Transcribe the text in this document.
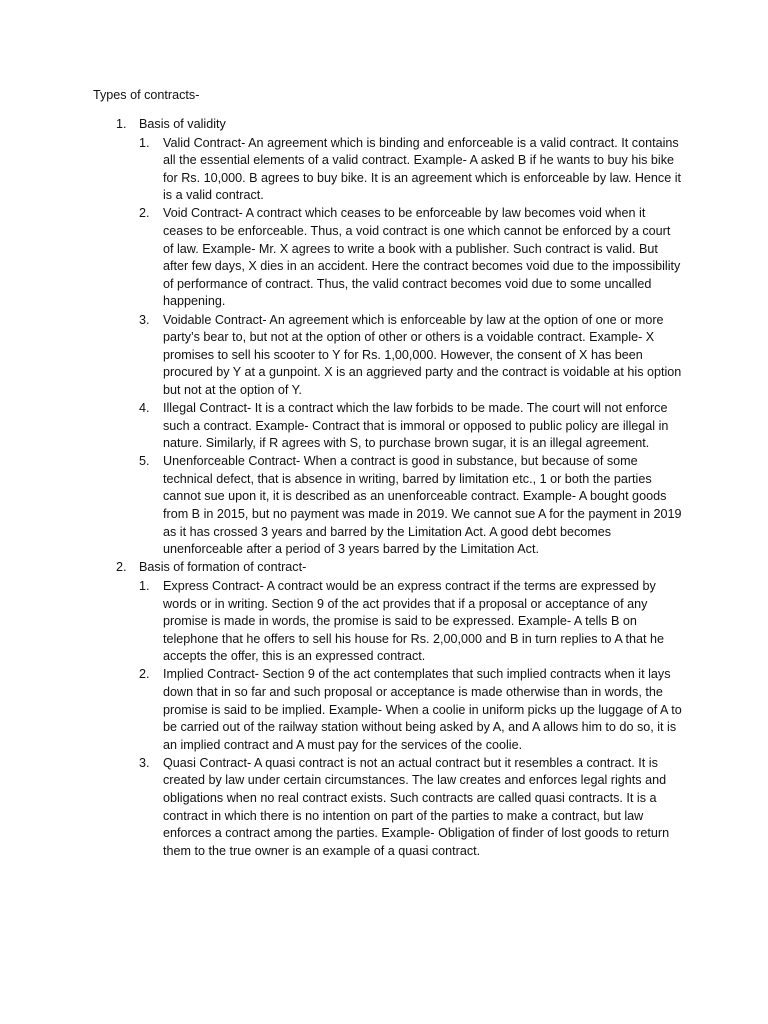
Types of contracts-
1. Basis of validity
1. Valid Contract- An agreement which is binding and enforceable is a valid contract. It contains all the essential elements of a valid contract. Example- A asked B if he wants to buy his bike for Rs. 10,000. B agrees to buy bike. It is an agreement which is enforceable by law. Hence it is a valid contract.
2. Void Contract- A contract which ceases to be enforceable by law becomes void when it ceases to be enforceable. Thus, a void contract is one which cannot be enforced by a court of law. Example- Mr. X agrees to write a book with a publisher. Such contract is valid. But after few days, X dies in an accident. Here the contract becomes void due to the impossibility of performance of contract. Thus, the valid contract becomes void due to some uncalled happening.
3. Voidable Contract- An agreement which is enforceable by law at the option of one or more party’s bear to, but not at the option of other or others is a voidable contract. Example- X promises to sell his scooter to Y for Rs. 1,00,000. However, the consent of X has been procured by Y at a gunpoint. X is an aggrieved party and the contract is voidable at his option but not at the option of Y.
4. Illegal Contract- It is a contract which the law forbids to be made. The court will not enforce such a contract. Example- Contract that is immoral or opposed to public policy are illegal in nature. Similarly, if R agrees with S, to purchase brown sugar, it is an illegal agreement.
5. Unenforceable Contract- When a contract is good in substance, but because of some technical defect, that is absence in writing, barred by limitation etc., 1 or both the parties cannot sue upon it, it is described as an unenforceable contract. Example- A bought goods from B in 2015, but no payment was made in 2019. We cannot sue A for the payment in 2019 as it has crossed 3 years and barred by the Limitation Act. A good debt becomes unenforceable after a period of 3 years barred by the Limitation Act.
2. Basis of formation of contract-
1. Express Contract- A contract would be an express contract if the terms are expressed by words or in writing. Section 9 of the act provides that if a proposal or acceptance of any promise is made in words, the promise is said to be expressed. Example- A tells B on telephone that he offers to sell his house for Rs. 2,00,000 and B in turn replies to A that he accepts the offer, this is an expressed contract.
2. Implied Contract- Section 9 of the act contemplates that such implied contracts when it lays down that in so far and such proposal or acceptance is made otherwise than in words, the promise is said to be implied. Example- When a coolie in uniform picks up the luggage of A to be carried out of the railway station without being asked by A, and A allows him to do so, it is an implied contract and A must pay for the services of the coolie.
3. Quasi Contract- A quasi contract is not an actual contract but it resembles a contract. It is created by law under certain circumstances. The law creates and enforces legal rights and obligations when no real contract exists. Such contracts are called quasi contracts. It is a contract in which there is no intention on part of the parties to make a contract, but law enforces a contract among the parties. Example- Obligation of finder of lost goods to return them to the true owner is an example of a quasi contract.
